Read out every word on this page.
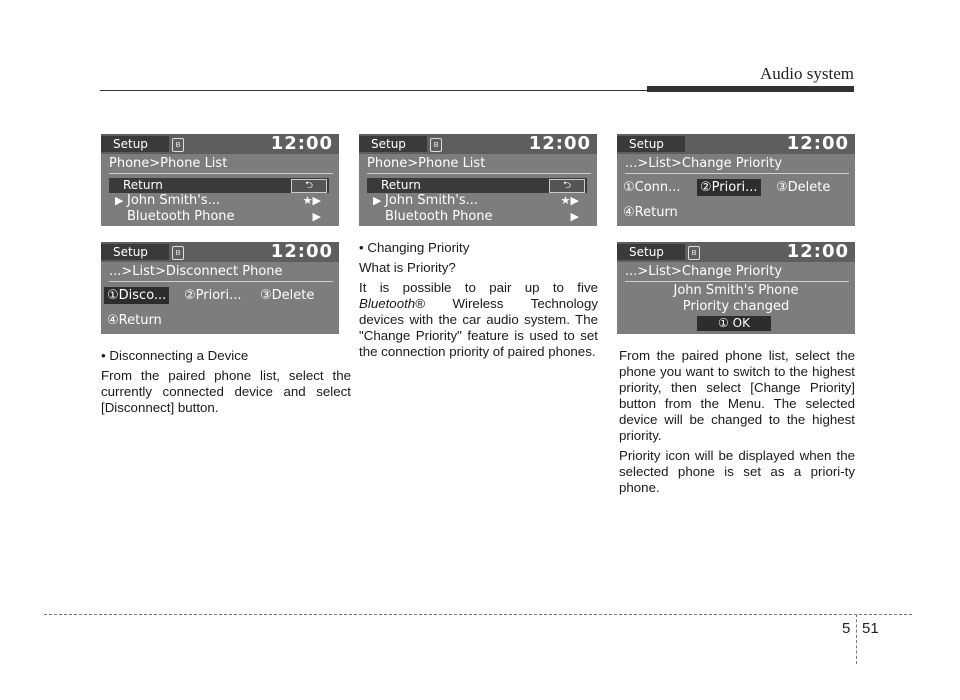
Audio system
Setup	ʙ	12:00
Phone>Phone List
Return	⮌
▶ John Smith's...	★▶
Bluetooth Phone	▶
Setup	ʙ	12:00
Phone>Phone List
Return	⮌
▶ John Smith's...	★▶
Bluetooth Phone	▶
Setup	12:00
...>List>Change Priority
①Conn... ②Priori... ③Delete
④Return
Setup	ʙ	12:00
...>List>Disconnect Phone
①Disco... ②Priori... ③Delete
④Return
Setup	ʙ	12:00
...>List>Change Priority
John Smith's Phone
Priority changed
① OK

• Disconnecting a Device

From the paired phone list, select the currently connected device and select [Disconnect] button.

• Changing Priority

What is Priority?

It is possible to pair up to five Bluetooth® Wireless Technology devices with the car audio system. The "Change Priority" feature is used to set the connection priority of paired phones. From the paired phone list, select the phone you want to switch to the highest priority, then select [Change Priority] button from the Menu. The selected device will be changed to the highest priority.

Priority icon will be displayed when the selected phone is set as a priori-ty phone.

5 51
